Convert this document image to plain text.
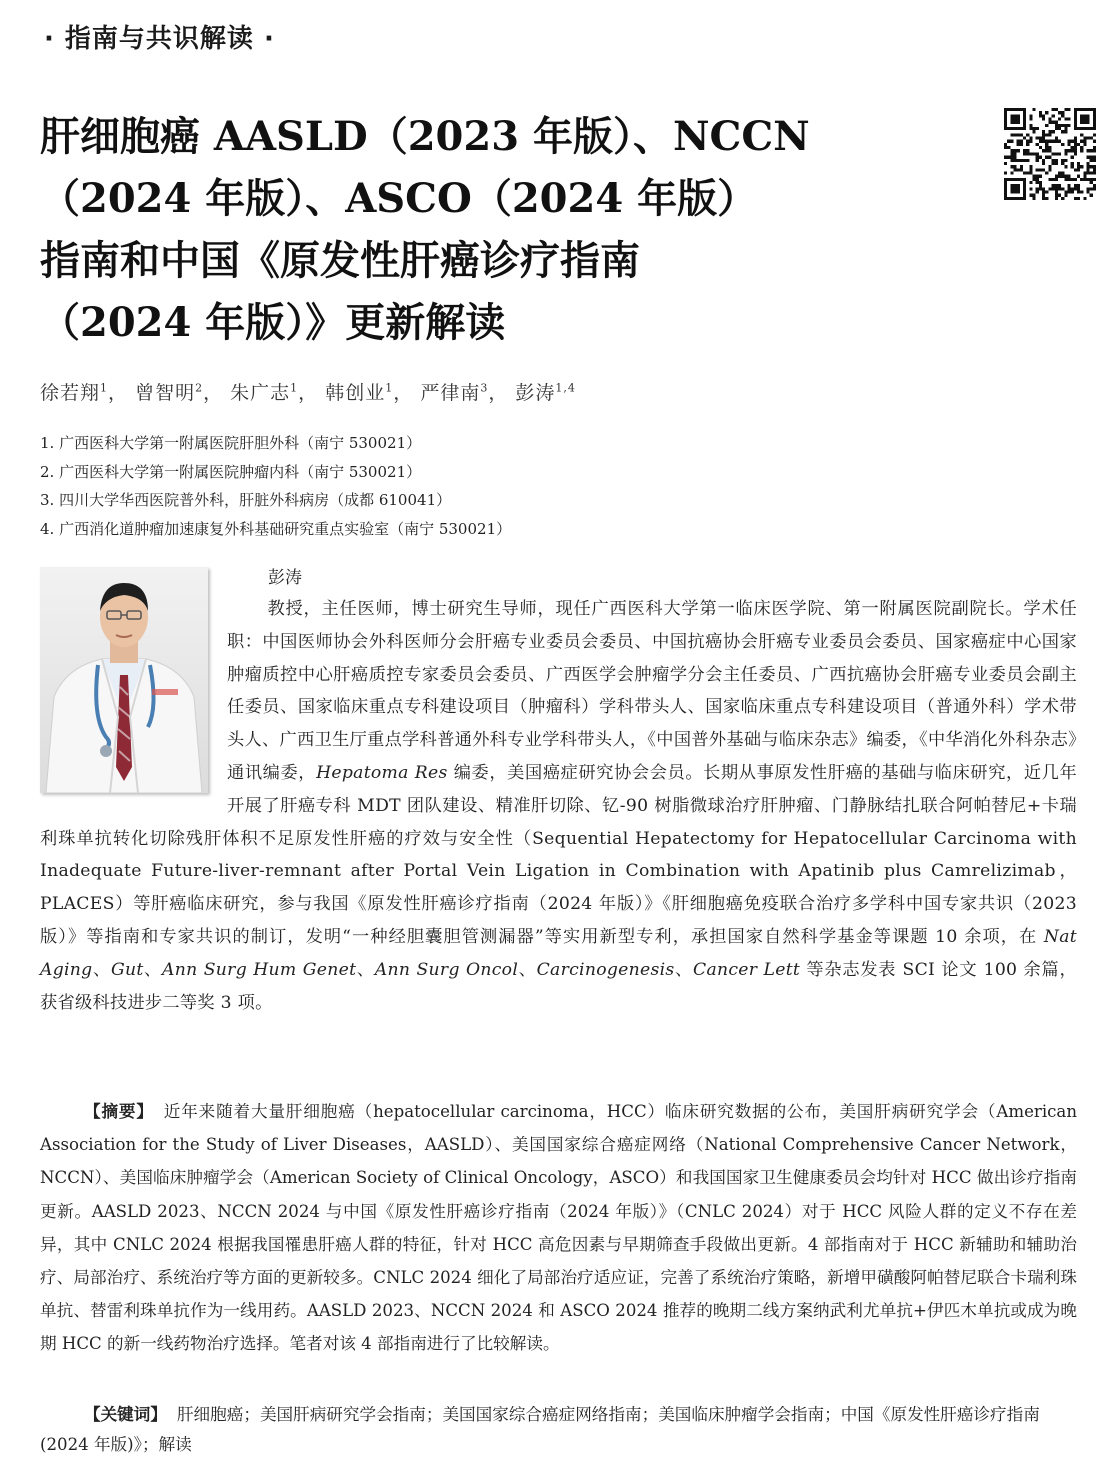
· 指南与共识解读 ·
肝细胞癌 AASLD（2023 年版）、NCCN
（2024 年版）、ASCO（2024 年版）
指南和中国《原发性肝癌诊疗指南
（2024 年版）》更新解读
徐若翔$^1$， 曾智明$^2$， 朱广志$^1$， 韩创业$^1$， 严律南$^3$， 彭涛$^{1,4}$
1. 广西医科大学第一附属医院肝胆外科（南宁 530021）
2. 广西医科大学第一附属医院肿瘤内科（南宁 530021）
3. 四川大学华西医院普外科，肝脏外科病房（成都 610041）
4. 广西消化道肿瘤加速康复外科基础研究重点实验室（南宁 530021）
彭涛
教授，主任医师，博士研究生导师，现任广西医科大学第一临床医学院、第一附属医院副院长。学术任职：中国医师协会外科医师分会肝癌专业委员会委员、中国抗癌协会肝癌专业委员会委员、国家癌症中心国家肿瘤质控中心肝癌质控专家委员会委员、广西医学会肿瘤学分会主任委员、广西抗癌协会肝癌专业委员会副主任委员、国家临床重点专科建设项目（肿瘤科）学科带头人、国家临床重点专科建设项目（普通外科）学术带头人、广西卫生厅重点学科普通外科专业学科带头人，《中国普外基础与临床杂志》编委，《中华消化外科杂志》通讯编委，Hepatoma Res 编委，美国癌症研究协会会员。长期从事原发性肝癌的基础与临床研究，近几年开展了肝癌专科 MDT 团队建设、精准肝切除、钇-90 树脂微球治疗肝肿瘤、门静脉结扎联合阿帕替尼+卡瑞利珠单抗转化切除残肝体积不足原发性肝癌的疗效与安全性（Sequential Hepatectomy for Hepatocellular Carcinoma with Inadequate Future-liver-remnant after Portal Vein Ligation in Combination with Apatinib plus Camrelizimab，PLACES）等肝癌临床研究，参与我国《原发性肝癌诊疗指南（2024 年版）》《肝细胞癌免疫联合治疗多学科中国专家共识（2023 版）》等指南和专家共识的制订，发明“一种经胆囊胆管测漏器”等实用新型专利，承担国家自然科学基金等课题 10 余项，在 Nat Aging、Gut、Ann Surg Hum Genet、Ann Surg Oncol、Carcinogenesis、Cancer Lett 等杂志发表 SCI 论文 100 余篇，获省级科技进步二等奖 3 项。
【摘要】 近年来随着大量肝细胞癌（hepatocellular carcinoma，HCC）临床研究数据的公布，美国肝病研究学会（American Association for the Study of Liver Diseases，AASLD）、美国国家综合癌症网络（National Comprehensive Cancer Network，NCCN）、美国临床肿瘤学会（American Society of Clinical Oncology，ASCO）和我国国家卫生健康委员会均针对 HCC 做出诊疗指南更新。AASLD 2023、NCCN 2024 与中国《原发性肝癌诊疗指南（2024 年版）》（CNLC 2024）对于 HCC 风险人群的定义不存在差异，其中 CNLC 2024 根据我国罹患肝癌人群的特征，针对 HCC 高危因素与早期筛查手段做出更新。4 部指南对于 HCC 新辅助和辅助治疗、局部治疗、系统治疗等方面的更新较多。CNLC 2024 细化了局部治疗适应证，完善了系统治疗策略，新增甲磺酸阿帕替尼联合卡瑞利珠单抗、替雷利珠单抗作为一线用药。AASLD 2023、NCCN 2024 和 ASCO 2024 推荐的晚期二线方案纳武利尤单抗+伊匹木单抗或成为晚期 HCC 的新一线药物治疗选择。笔者对该 4 部指南进行了比较解读。
【关键词】 肝细胞癌；美国肝病研究学会指南；美国国家综合癌症网络指南；美国临床肿瘤学会指南；中国《原发性肝癌诊疗指南 (2024 年版)》；解读
